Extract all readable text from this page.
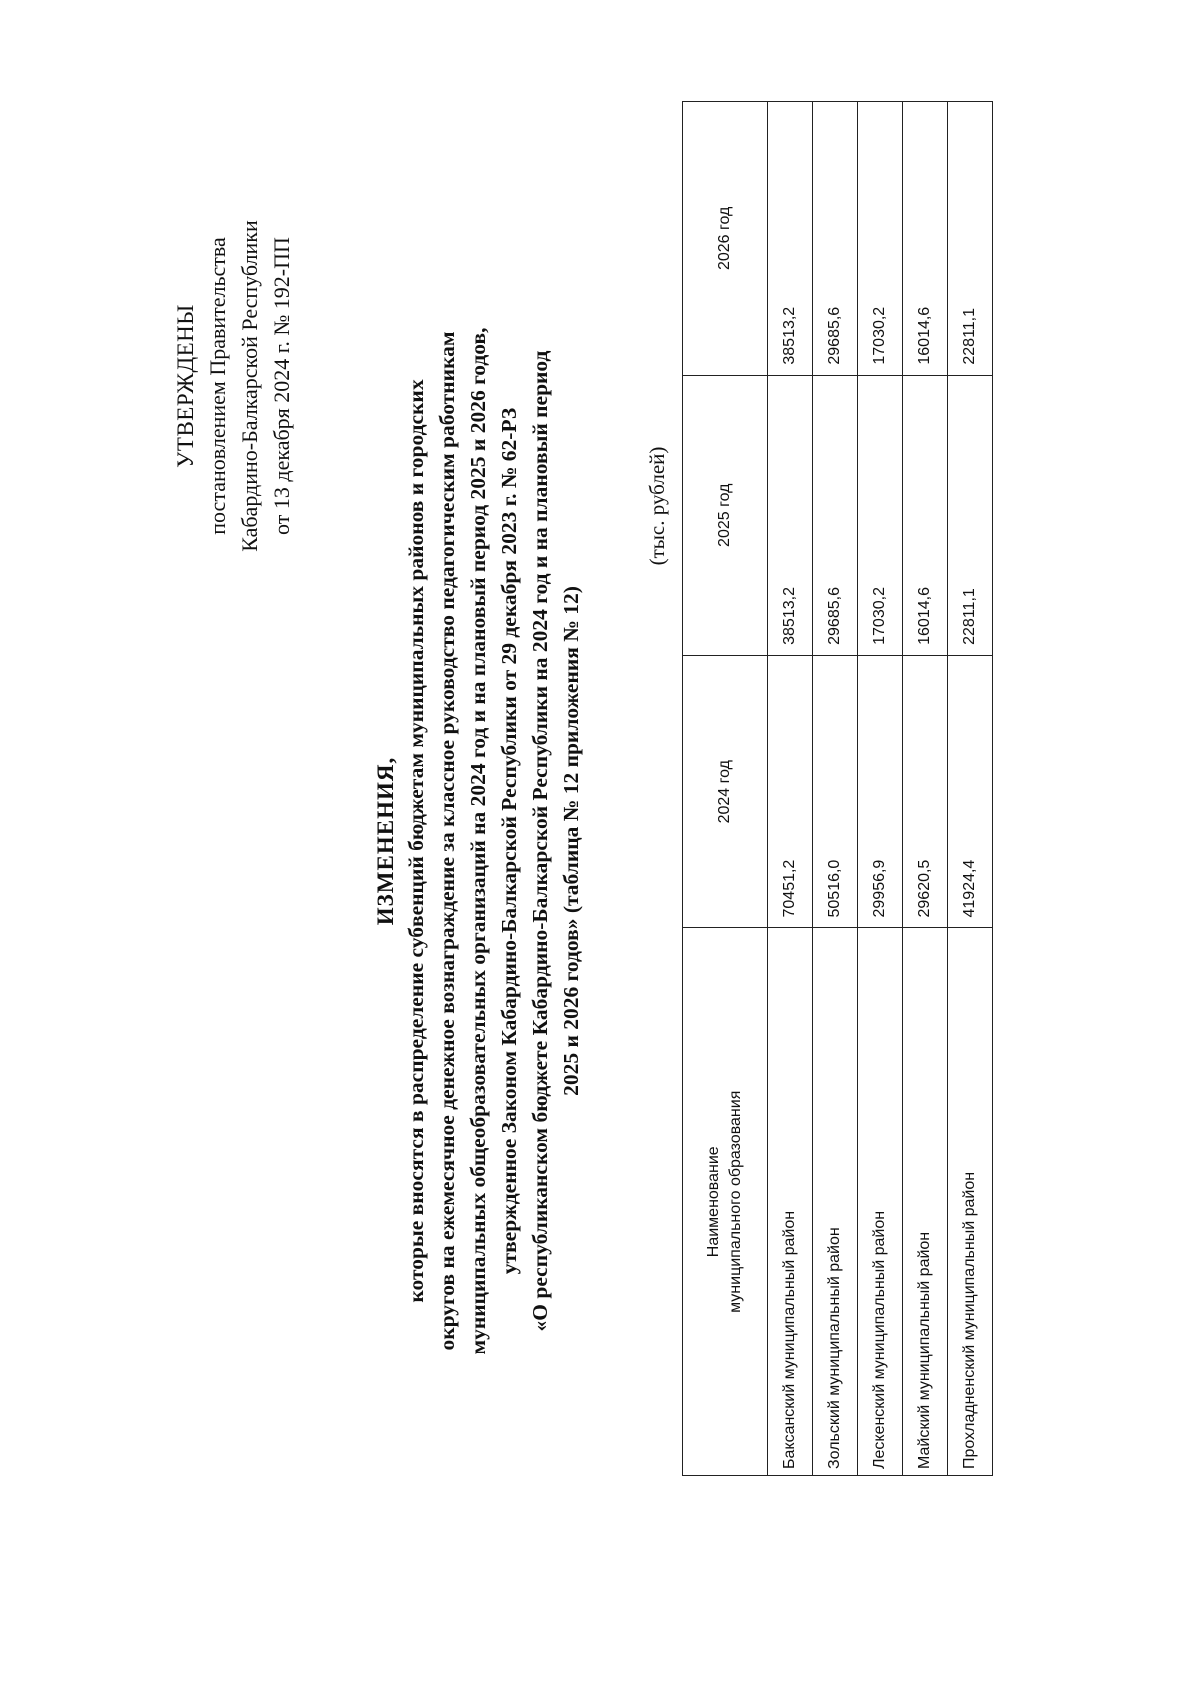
УТВЕРЖДЕНЫ постановлением Правительства Кабардино-Балкарской Республики от 13 декабря 2024 г. № 192-ПП
ИЗМЕНЕНИЯ, которые вносятся в распределение субвенций бюджетам муниципальных районов и городских округов на ежемесячное денежное вознаграждение за классное руководство педагогическим работникам муниципальных общеобразовательных организаций на 2024 год и на плановый период 2025 и 2026 годов, утвержденное Законом Кабардино-Балкарской Республики от 29 декабря 2023 г. № 62-РЗ «О республиканском бюджете Кабардино-Балкарской Республики на 2024 год и на плановый период 2025 и 2026 годов» (таблица № 12 приложения № 12)
(тыс. рублей)
Наименование муниципального образования	2024 год	2025 год	2026 год
Баксанский муниципальный район	70451,2	38513,2	38513,2
Зольский муниципальный район	50516,0	29685,6	29685,6
Лескенский муниципальный район	29956,9	17030,2	17030,2
Майский муниципальный район	29620,5	16014,6	16014,6
Прохладненский муниципальный район	41924,4	22811,1	22811,1
